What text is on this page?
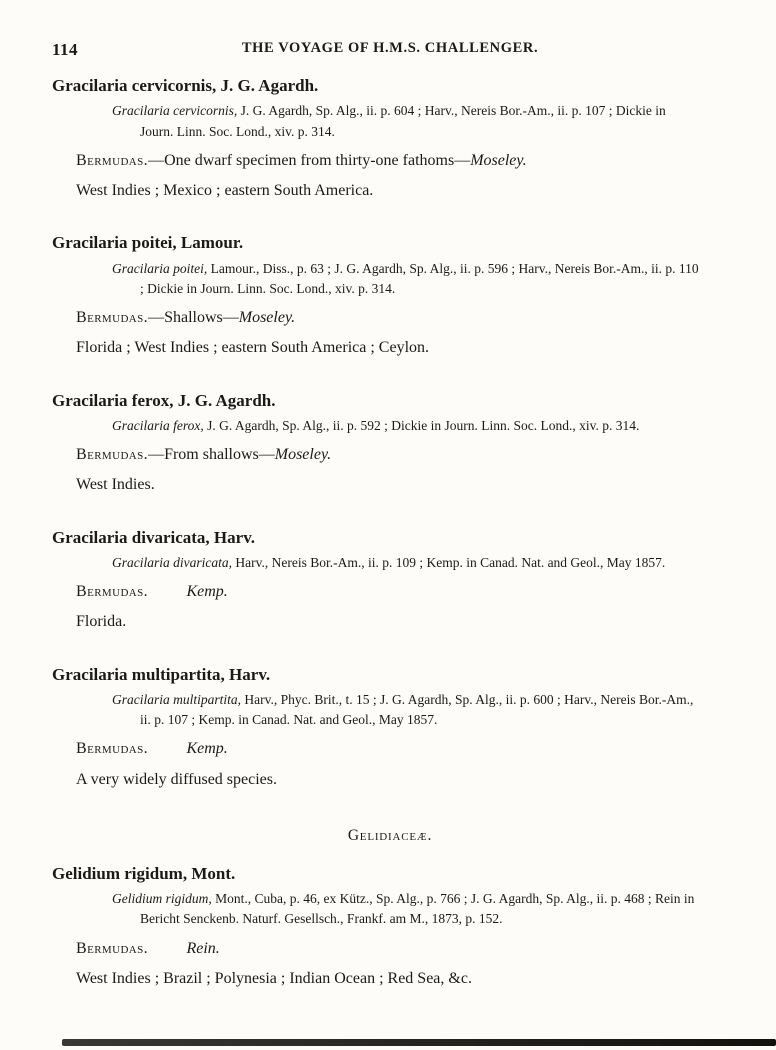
114	THE VOYAGE OF H.M.S. CHALLENGER.

Gracilaria cervicornis, J. G. Agardh.

Gracilaria cervicornis, J. G. Agardh, Sp. Alg., ii. p. 604 ; Harv., Nereis Bor.-Am., ii. p. 107 ; Dickie in Journ. Linn. Soc. Lond., xiv. p. 314.

Bermudas.—One dwarf specimen from thirty-one fathoms—Moseley.

West Indies ; Mexico ; eastern South America.

Gracilaria poitei, Lamour.

Gracilaria poitei, Lamour., Diss., p. 63 ; J. G. Agardh, Sp. Alg., ii. p. 596 ; Harv., Nereis Bor.-Am., ii. p. 110 ; Dickie in Journ. Linn. Soc. Lond., xiv. p. 314.

Bermudas.—Shallows—Moseley.

Florida ; West Indies ; eastern South America ; Ceylon.

Gracilaria ferox, J. G. Agardh.

Gracilaria ferox, J. G. Agardh, Sp. Alg., ii. p. 592 ; Dickie in Journ. Linn. Soc. Lond., xiv. p. 314.

Bermudas.—From shallows—Moseley.

West Indies.

Gracilaria divaricata, Harv.

Gracilaria divaricata, Harv., Nereis Bor.-Am., ii. p. 109 ; Kemp. in Canad. Nat. and Geol., May 1857.

Bermudas. Kemp.

Florida.

Gracilaria multipartita, Harv.

Gracilaria multipartita, Harv., Phyc. Brit., t. 15 ; J. G. Agardh, Sp. Alg., ii. p. 600 ; Harv., Nereis Bor.-Am., ii. p. 107 ; Kemp. in Canad. Nat. and Geol., May 1857.

Bermudas. Kemp.

A very widely diffused species.

Gelidiaceæ.
Gelidium rigidum, Mont.

Gelidium rigidum, Mont., Cuba, p. 46, ex Kütz., Sp. Alg., p. 766 ; J. G. Agardh, Sp. Alg., ii. p. 468 ; Rein in Bericht Senckenb. Naturf. Gesellsch., Frankf. am M., 1873, p. 152.

Bermudas. Rein.

West Indies ; Brazil ; Polynesia ; Indian Ocean ; Red Sea, &c.
